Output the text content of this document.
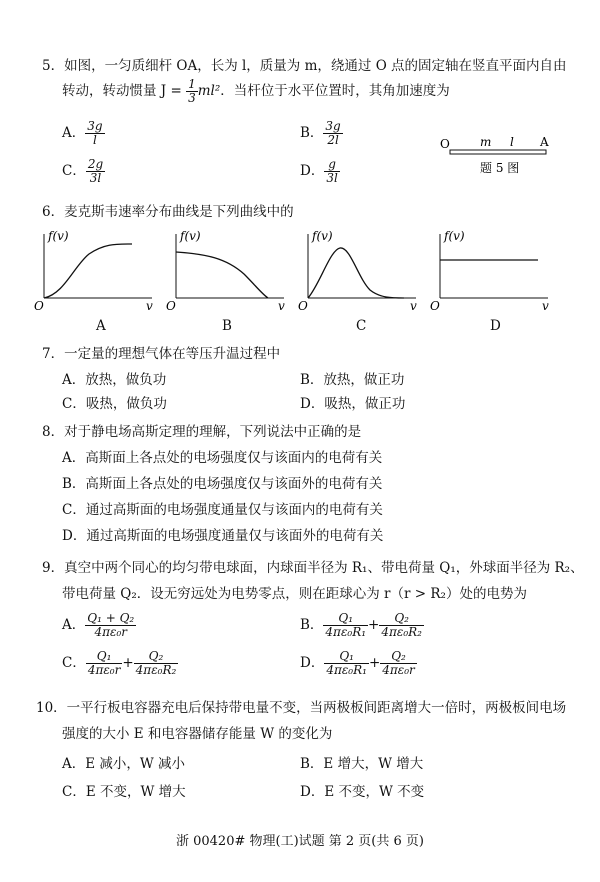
5．如图，一匀质细杆 OA，长为 l，质量为 m，绕通过 O 点的固定轴在竖直平面内自由
转动，转动惯量 $J = \frac{1}{3} ml^2$．当杆位于水平位置时，其角加速度为
A． $\frac{3g}{l}$	B． $\frac{3g}{2l}$
C． $\frac{2g}{3l}$	D． $\frac{g}{3l}$
O	m l A
题 5 图
6．麦克斯韦速率分布曲线是下列曲线中的
f(v)
O	v
A
f(v)
O	v
B
f(v)
O	v
C
f(v)
O	v
D
7．一定量的理想气体在等压升温过程中
A．放热，做负功	B．放热，做正功
C．吸热，做负功	D．吸热，做正功
8．对于静电场高斯定理的理解，下列说法中正确的是
A．高斯面上各点处的电场强度仅与该面内的电荷有关
B．高斯面上各点处的电场强度仅与该面外的电荷有关
C．通过高斯面的电场强度通量仅与该面内的电荷有关
D．通过高斯面的电场强度通量仅与该面外的电荷有关
9．真空中两个同心的均匀带电球面，内球面半径为 R₁、带电荷量 Q₁，外球面半径为 R₂、
带电荷量 Q₂．设无穷远处为电势零点，则在距球心为 r（r > R₂）处的电势为
A． $\frac{\text{Q₁ + Q₂}}{\text{4πε₀r}}$	B． $\frac{\text{Q₁}}{\text{4πε₀R₁}} + \frac{\text{Q₂}}{\text{4πε₀R₂}}$
C． $\frac{\text{Q₁}}{\text{4πε₀r}} + \frac{\text{Q₂}}{\text{4πε₀R₂}}$	D． $\frac{\text{Q₁}}{\text{4πε₀R₁}} + \frac{\text{Q₂}}{\text{4πε₀r}}$
10．一平行板电容器充电后保持带电量不变，当两极板间距离增大一倍时，两极板间电场
强度的大小 E 和电容器储存能量 W 的变化为
A．E 减小，W 减小	B．E 增大，W 增大
C．E 不变，W 增大	D．E 不变，W 不变
浙 00420# 物理(工)试题 第 2 页(共 6 页)
